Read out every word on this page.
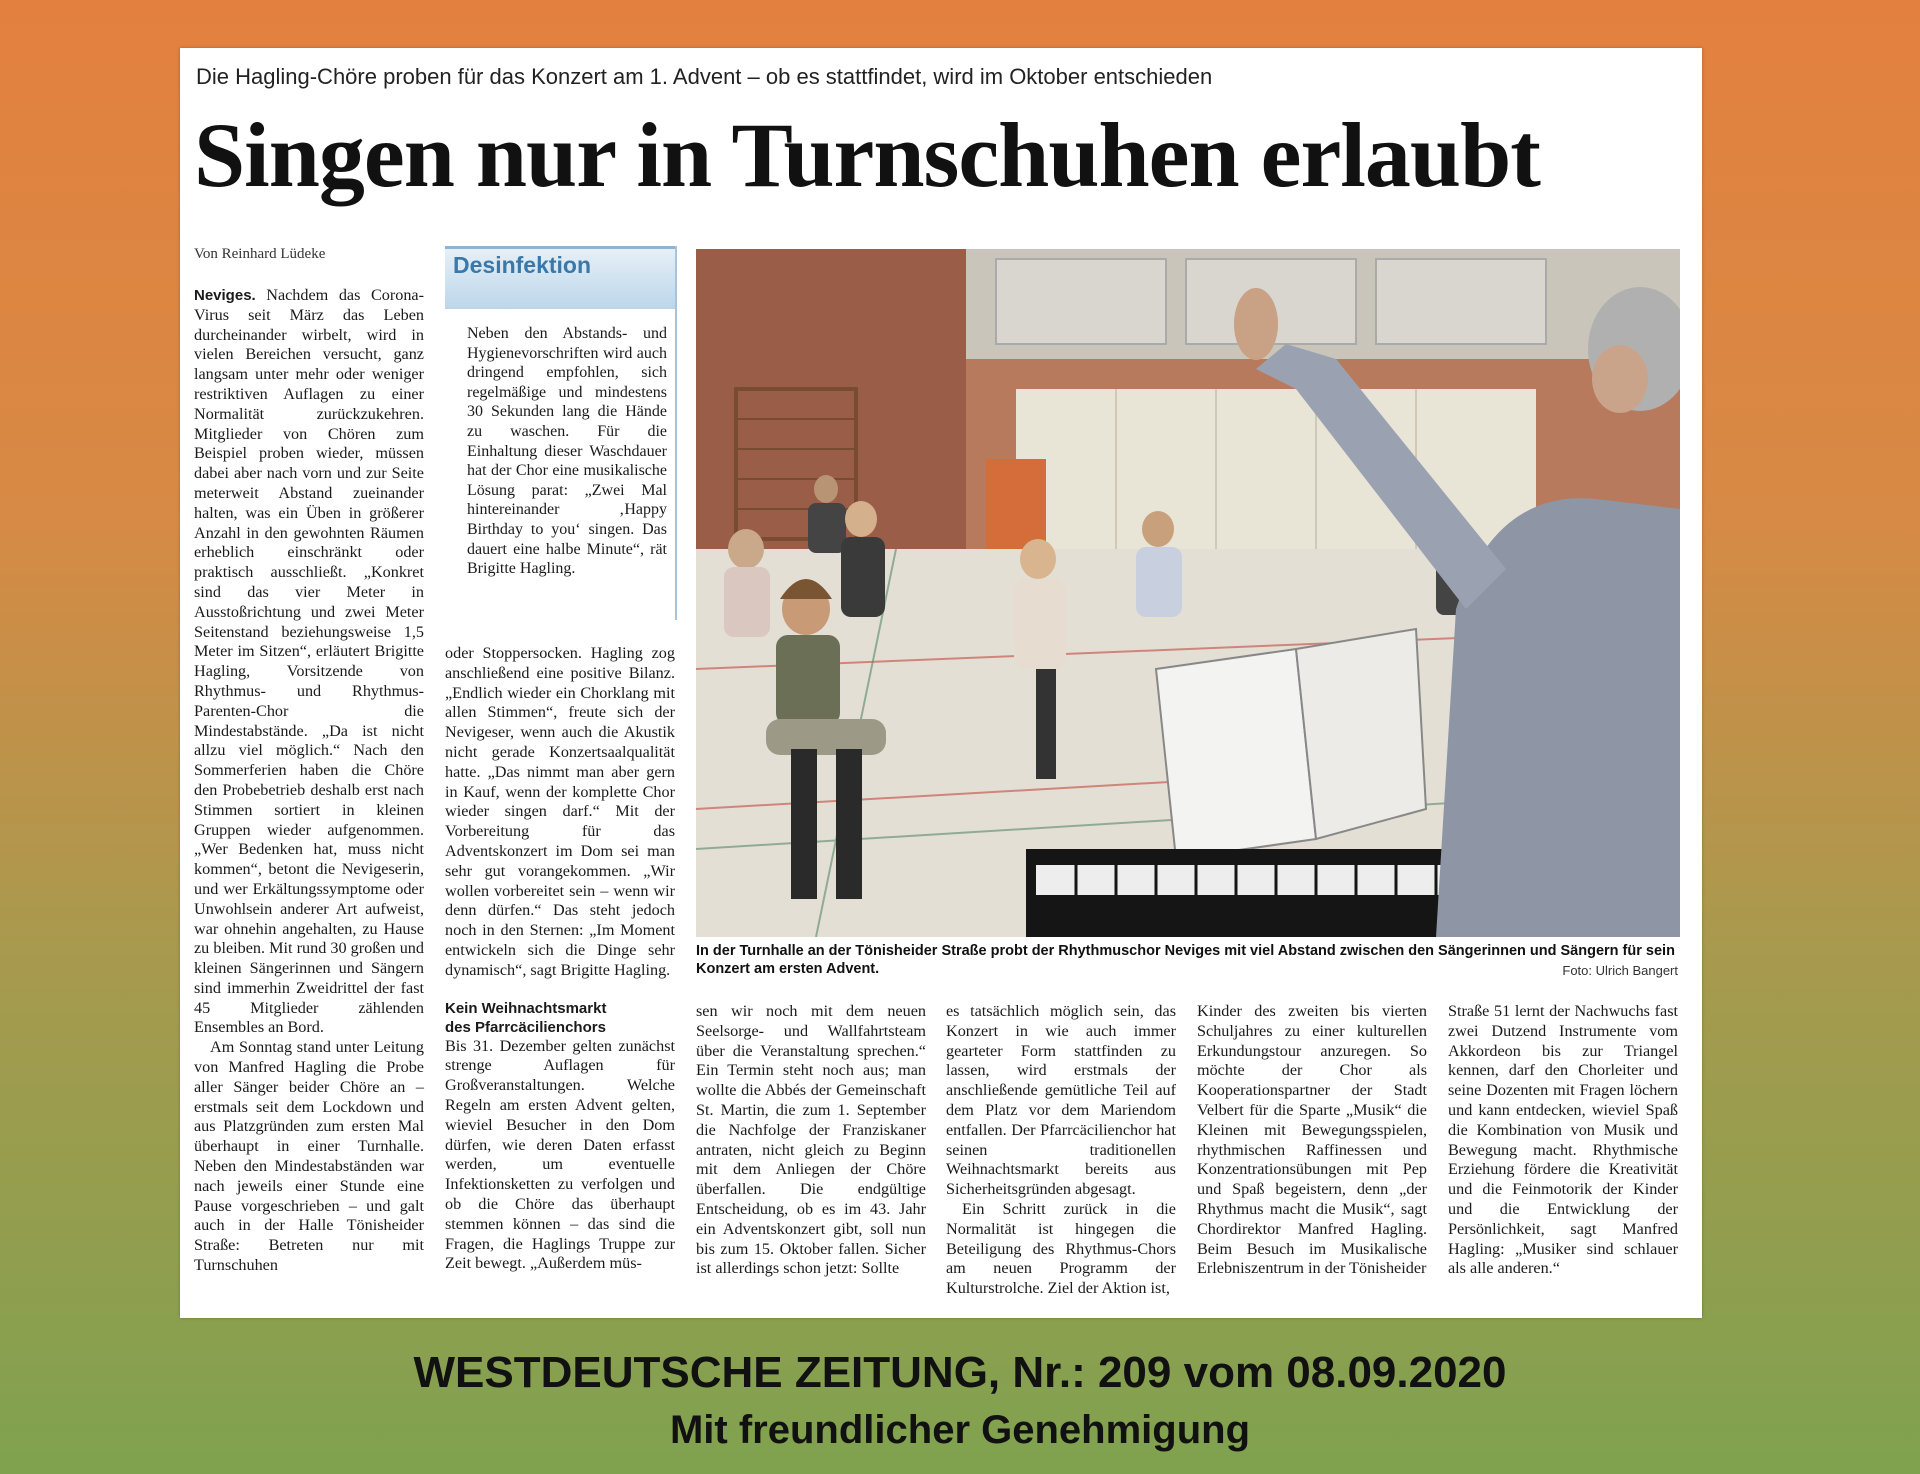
Die Hagling-Chöre proben für das Konzert am 1. Advent – ob es stattfindet, wird im Oktober entschieden
Singen nur in Turnschuhen erlaubt
Von Reinhard Lüdeke

Neviges. Nachdem das Corona-Virus seit März das Leben durcheinander wirbelt, wird in vielen Bereichen versucht, ganz langsam unter mehr oder weniger restriktiven Auflagen zu einer Normalität zurückzukehren. Mitglieder von Chören zum Beispiel proben wieder, müssen dabei aber nach vorn und zur Seite meterweit Abstand zueinander halten, was ein Üben in größerer Anzahl in den gewohnten Räumen erheblich einschränkt oder praktisch ausschließt. „Konkret sind das vier Meter in Ausstoßrichtung und zwei Meter Seitenstand beziehungsweise 1,5 Meter im Sitzen“, erläutert Brigitte Hagling, Vorsitzende von Rhythmus- und Rhythmus-Parenten-Chor die Mindestabstände. „Da ist nicht allzu viel möglich.“ Nach den Sommerferien haben die Chöre den Probebetrieb deshalb erst nach Stimmen sortiert in kleinen Gruppen wieder aufgenommen. „Wer Bedenken hat, muss nicht kommen“, betont die Nevigeserin, und wer Erkältungssymptome oder Unwohlsein anderer Art aufweist, war ohnehin angehalten, zu Hause zu bleiben. Mit rund 30 großen und kleinen Sängerinnen und Sängern sind immerhin Zweidrittel der fast 45 Mitglieder zählenden Ensembles an Bord.

Am Sonntag stand unter Leitung von Manfred Hagling die Probe aller Sänger beider Chöre an – erstmals seit dem Lockdown und aus Platzgründen zum ersten Mal überhaupt in einer Turnhalle. Neben den Mindestabständen war nach jeweils einer Stunde eine Pause vorgeschrieben – und galt auch in der Halle Tönisheider Straße: Betreten nur mit Turnschuhen

Desinfektion
Neben den Abstands- und Hygienevorschriften wird auch dringend empfohlen, sich regelmäßige und mindestens 30 Sekunden lang die Hände zu waschen. Für die Einhaltung dieser Waschdauer hat der Chor eine musikalische Lösung parat: „Zwei Mal hintereinander ‚Happy Birthday to you‘ singen. Das dauert eine halbe Minute“, rät Brigitte Hagling.

oder Stoppersocken. Hagling zog anschließend eine positive Bilanz. „Endlich wieder ein Chorklang mit allen Stimmen“, freute sich der Nevigeser, wenn auch die Akustik nicht gerade Konzertsaalqualität hatte. „Das nimmt man aber gern in Kauf, wenn der komplette Chor wieder singen darf.“ Mit der Vorbereitung für das Adventskonzert im Dom sei man sehr gut vorangekommen. „Wir wollen vorbereitet sein – wenn wir denn dürfen.“ Das steht jedoch noch in den Sternen: „Im Moment entwickeln sich die Dinge sehr dynamisch“, sagt Brigitte Hagling.

Kein Weihnachtsmarkt
des Pfarrcäcilienchors

Bis 31. Dezember gelten zunächst strenge Auflagen für Großveranstaltungen. Welche Regeln am ersten Advent gelten, wieviel Besucher in den Dom dürfen, wie deren Daten erfasst werden, um eventuelle Infektionsketten zu verfolgen und ob die Chöre das überhaupt stemmen können – das sind die Fragen, die Haglings Truppe zur Zeit bewegt. „Außerdem müs-

In der Turnhalle an der Tönisheider Straße probt der Rhythmuschor Neviges mit viel Abstand zwischen den Sängerinnen und Sängern für sein Konzert am ersten Advent.	Foto: Ulrich Bangert

sen wir noch mit dem neuen Seelsorge- und Wallfahrtsteam über die Veranstaltung sprechen.“ Ein Termin steht noch aus; man wollte die Abbés der Gemeinschaft St. Martin, die zum 1. September die Nachfolge der Franziskaner antraten, nicht gleich zu Beginn mit dem Anliegen der Chöre überfallen. Die endgültige Entscheidung, ob es im 43. Jahr ein Adventskonzert gibt, soll nun bis zum 15. Oktober fallen. Sicher ist allerdings schon jetzt: Sollte

es tatsächlich möglich sein, das Konzert in wie auch immer gearteter Form stattfinden zu lassen, wird erstmals der anschließende gemütliche Teil auf dem Platz vor dem Mariendom entfallen. Der Pfarrcäcilienchor hat seinen traditionellen Weihnachtsmarkt bereits aus Sicherheitsgründen abgesagt.

Ein Schritt zurück in die Normalität ist hingegen die Beteiligung des Rhythmus-Chors am neuen Programm der Kulturstrolche. Ziel der Aktion ist,

Kinder des zweiten bis vierten Schuljahres zu einer kulturellen Erkundungstour anzuregen. So möchte der Chor als Kooperationspartner der Stadt Velbert für die Sparte „Musik“ die Kleinen mit Bewegungsspielen, rhythmischen Raffinessen und Konzentrationsübungen mit Pep und Spaß begeistern, denn „der Rhythmus macht die Musik“, sagt Chordirektor Manfred Hagling. Beim Besuch im Musikalische Erlebniszentrum in der Tönisheider

Straße 51 lernt der Nachwuchs fast zwei Dutzend Instrumente vom Akkordeon bis zur Triangel kennen, darf den Chorleiter und seine Dozenten mit Fragen löchern und kann entdecken, wieviel Spaß die Kombination von Musik und Bewegung macht. Rhythmische Erziehung fördere die Kreativität und die Feinmotorik der Kinder und die Entwicklung der Persönlichkeit, sagt Manfred Hagling: „Musiker sind schlauer als alle anderen.“

WESTDEUTSCHE ZEITUNG, Nr.: 209 vom 08.09.2020
Mit freundlicher Genehmigung
